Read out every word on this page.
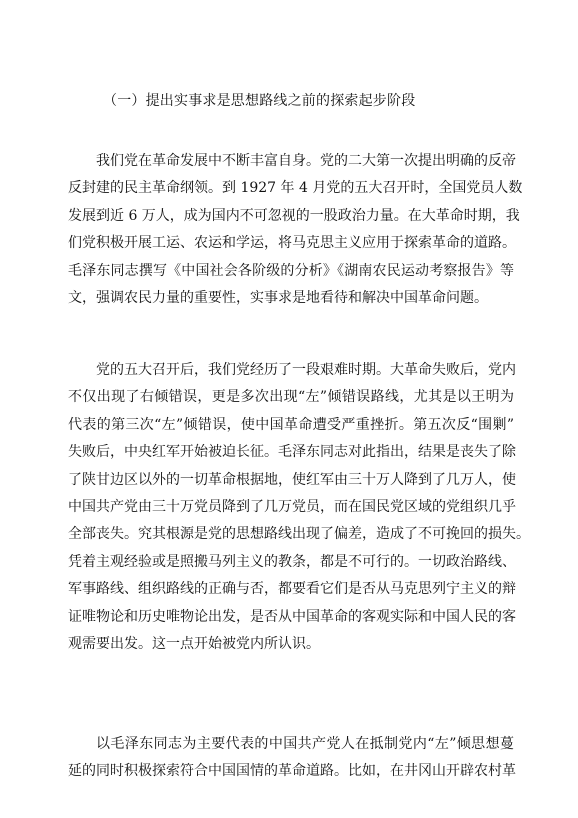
（一）提出实事求是思想路线之前的探索起步阶段
我们党在革命发展中不断丰富自身。党的二大第一次提出明确的反帝
反封建的民主革命纲领。到 1927 年 4 月党的五大召开时，全国党员人数
发展到近 6 万人，成为国内不可忽视的一股政治力量。在大革命时期，我
们党积极开展工运、农运和学运，将马克思主义应用于探索革命的道路。
毛泽东同志撰写《中国社会各阶级的分析》《湖南农民运动考察报告》等
文，强调农民力量的重要性，实事求是地看待和解决中国革命问题。
党的五大召开后，我们党经历了一段艰难时期。大革命失败后，党内
不仅出现了右倾错误，更是多次出现“左”倾错误路线，尤其是以王明为
代表的第三次“左”倾错误，使中国革命遭受严重挫折。第五次反“围剿”
失败后，中央红军开始被迫长征。毛泽东同志对此指出，结果是丧失了除
了陕甘边区以外的一切革命根据地，使红军由三十万人降到了几万人，使
中国共产党由三十万党员降到了几万党员，而在国民党区域的党组织几乎
全部丧失。究其根源是党的思想路线出现了偏差，造成了不可挽回的损失。
凭着主观经验或是照搬马列主义的教条，都是不可行的。一切政治路线、
军事路线、组织路线的正确与否，都要看它们是否从马克思列宁主义的辩
证唯物论和历史唯物论出发，是否从中国革命的客观实际和中国人民的客
观需要出发。这一点开始被党内所认识。
以毛泽东同志为主要代表的中国共产党人在抵制党内“左”倾思想蔓
延的同时积极探索符合中国国情的革命道路。比如，在井冈山开辟农村革
